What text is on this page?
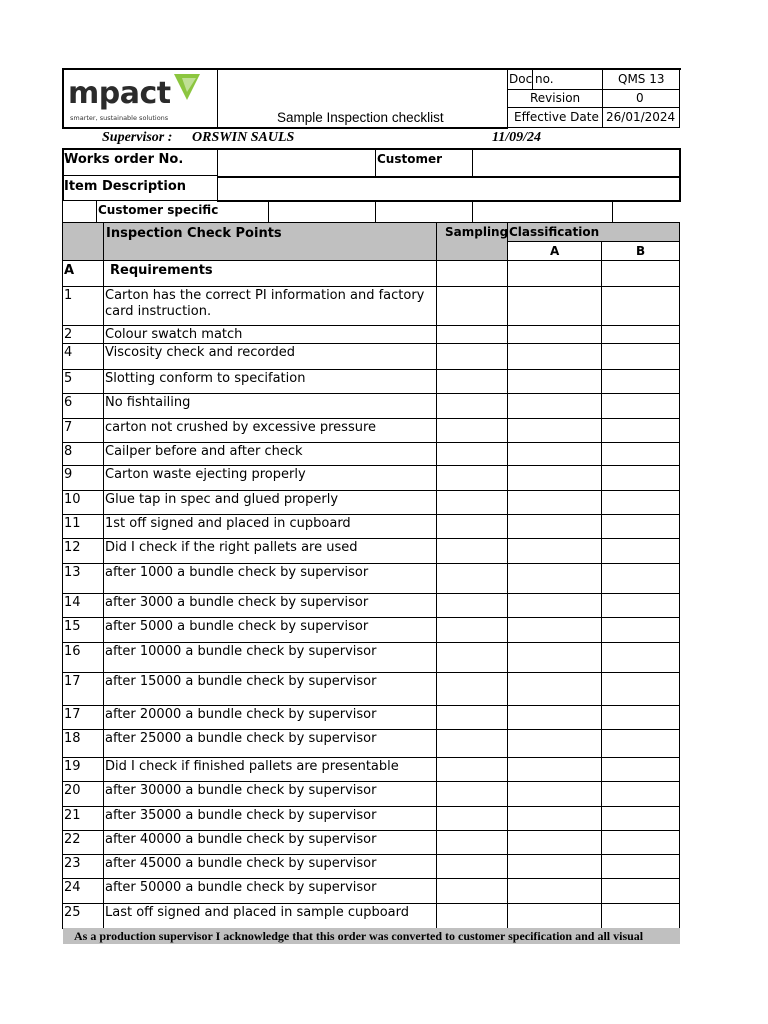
mpact
smarter, sustainable solutions	Sample Inspection checklist
Doc no.	QMS 13
Revision	0
Effective Date 26/01/2024
Supervisor : ORSWIN SAULS	11/09/24
Works order No.	Customer
Item Description
Customer specific
Inspection Check Points	Sampling Classification
A	B
A	Requirements
1	Carton has the correct PI information and factory
card instruction.
2	Colour swatch match
4	Viscosity check and recorded
5	Slotting conform to specifation
6	No fishtailing
7	carton not crushed by excessive pressure
8	Cailper before and after check
9	Carton waste ejecting properly
10 Glue tap in spec and glued properly
11 1st off signed and placed in cupboard
12 Did I check if the right pallets are used
13 after 1000 a bundle check by supervisor
14 after 3000 a bundle check by supervisor
15 after 5000 a bundle check by supervisor
16 after 10000 a bundle check by supervisor
17 after 15000 a bundle check by supervisor
17 after 20000 a bundle check by supervisor
18 after 25000 a bundle check by supervisor
19 Did I check if finished pallets are presentable
20 after 30000 a bundle check by supervisor
21 after 35000 a bundle check by supervisor
22 after 40000 a bundle check by supervisor
23 after 45000 a bundle check by supervisor
24 after 50000 a bundle check by supervisor
25 Last off signed and placed in sample cupboard
As a production supervisor I acknowledge that this order was converted to customer specification and all visual
